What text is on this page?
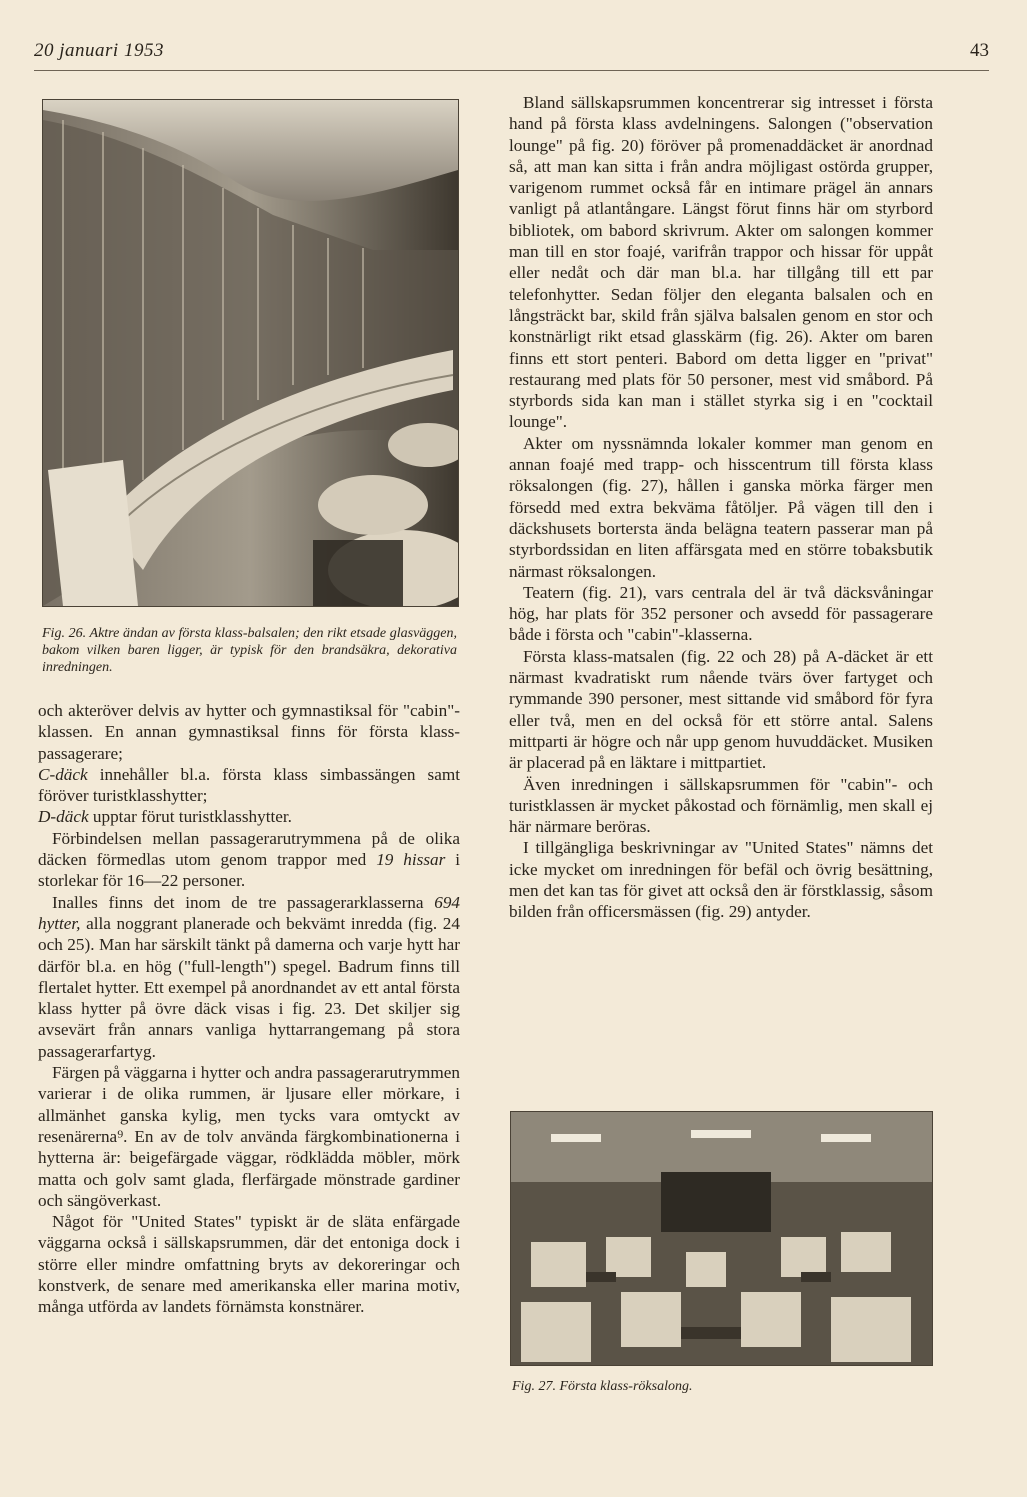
20 januari 1953	43
Fig. 26. Aktre ändan av första klass-balsalen; den rikt etsade glasväggen, bakom vilken baren ligger, är typisk för den brandsäkra, dekorativa inredningen.

och akteröver delvis av hytter och gymnastiksal för "cabin"-klassen. En annan gymnastiksal finns för första klass-passagerare;

C-däck innehåller bl.a. första klass simbassängen samt föröver turistklasshytter;

D-däck upptar förut turistklasshytter.

Förbindelsen mellan passagerarutrymmena på de olika däcken förmedlas utom genom trappor med 19 hissar i storlekar för 16—22 personer.

Inalles finns det inom de tre passagerarklasserna 694 hytter, alla noggrant planerade och bekvämt inredda (fig. 24 och 25). Man har särskilt tänkt på damerna och varje hytt har därför bl.a. en hög ("full-length") spegel. Badrum finns till flertalet hytter. Ett exempel på anordnandet av ett antal första klass hytter på övre däck visas i fig. 23. Det skiljer sig avsevärt från annars vanliga hyttarrangemang på stora passagerarfartyg.

Färgen på väggarna i hytter och andra passagerarutrymmen varierar i de olika rummen, är ljusare eller mörkare, i allmänhet ganska kylig, men tycks vara omtyckt av resenärerna⁹. En av de tolv använda färgkombinationerna i hytterna är: beigefärgade väggar, rödklädda möbler, mörk matta och golv samt glada, flerfärgade mönstrade gardiner och sängöverkast.

Något för "United States" typiskt är de släta enfärgade väggarna också i sällskapsrummen, där det entoniga dock i större eller mindre omfattning bryts av dekoreringar och konstverk, de senare med amerikanska eller marina motiv, många utförda av landets förnämsta konstnärer.

Bland sällskapsrummen koncentrerar sig intresset i första hand på första klass avdelningens. Salongen ("observation lounge" på fig. 20) föröver på promenaddäcket är anordnad så, att man kan sitta i från andra möjligast ostörda grupper, varigenom rummet också får en intimare prägel än annars vanligt på atlantångare. Längst förut finns här om styrbord bibliotek, om babord skrivrum. Akter om salongen kommer man till en stor foajé, varifrån trappor och hissar för uppåt eller nedåt och där man bl.a. har tillgång till ett par telefonhytter. Sedan följer den eleganta balsalen och en långsträckt bar, skild från själva balsalen genom en stor och konstnärligt rikt etsad glasskärm (fig. 26). Akter om baren finns ett stort penteri. Babord om detta ligger en "privat" restaurang med plats för 50 personer, mest vid småbord. På styrbords sida kan man i stället styrka sig i en "cocktail lounge".

Akter om nyssnämnda lokaler kommer man genom en annan foajé med trapp- och hisscentrum till första klass röksalongen (fig. 27), hållen i ganska mörka färger men försedd med extra bekväma fåtöljer. På vägen till den i däckshusets bortersta ända belägna teatern passerar man på styrbordssidan en liten affärsgata med en större tobaksbutik närmast röksalongen.

Teatern (fig. 21), vars centrala del är två däcksvåningar hög, har plats för 352 personer och avsedd för passagerare både i första och "cabin"-klasserna.

Första klass-matsalen (fig. 22 och 28) på A-däcket är ett närmast kvadratiskt rum nående tvärs över fartyget och rymmande 390 personer, mest sittande vid småbord för fyra eller två, men en del också för ett större antal. Salens mittparti är högre och når upp genom huvuddäcket. Musiken är placerad på en läktare i mittpartiet.

Även inredningen i sällskapsrummen för "cabin"- och turistklassen är mycket påkostad och förnämlig, men skall ej här närmare beröras.

I tillgängliga beskrivningar av "United States" nämns det icke mycket om inredningen för befäl och övrig besättning, men det kan tas för givet att också den är förstklassig, såsom bilden från officersmässen (fig. 29) antyder.

Fig. 27. Första klass-röksalong.
